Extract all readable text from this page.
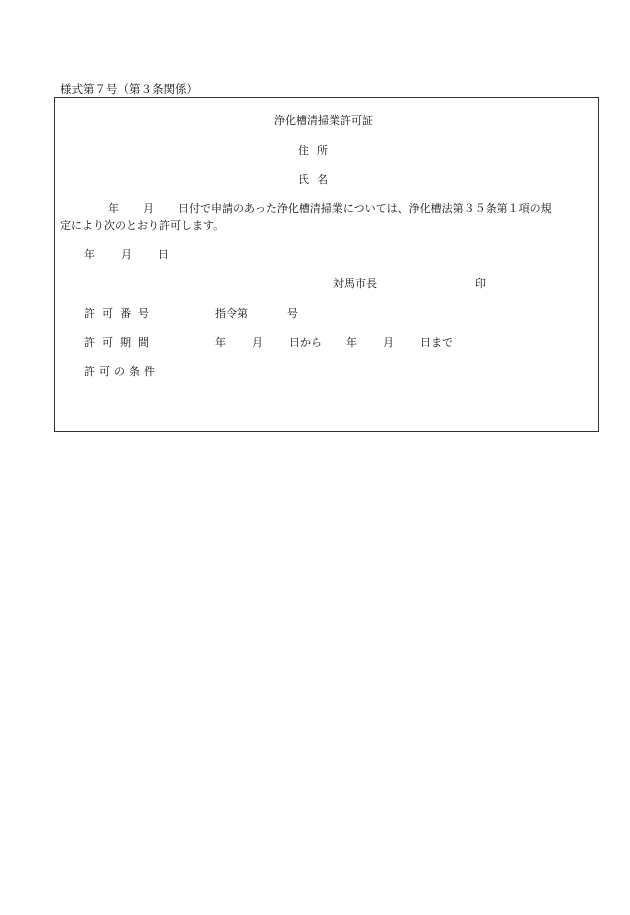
様式第７号（第３条関係）
浄化槽清掃業許可証
住所
氏名
年 月 日付で申請のあった浄化槽清掃業については、浄化槽法第３５条第１項の規
定により次のとおり許可します。
年 月 日
対馬市長	印
許可番号	指令第	号
許可期間	年 月 日から 年 月 日まで
許可の条件
